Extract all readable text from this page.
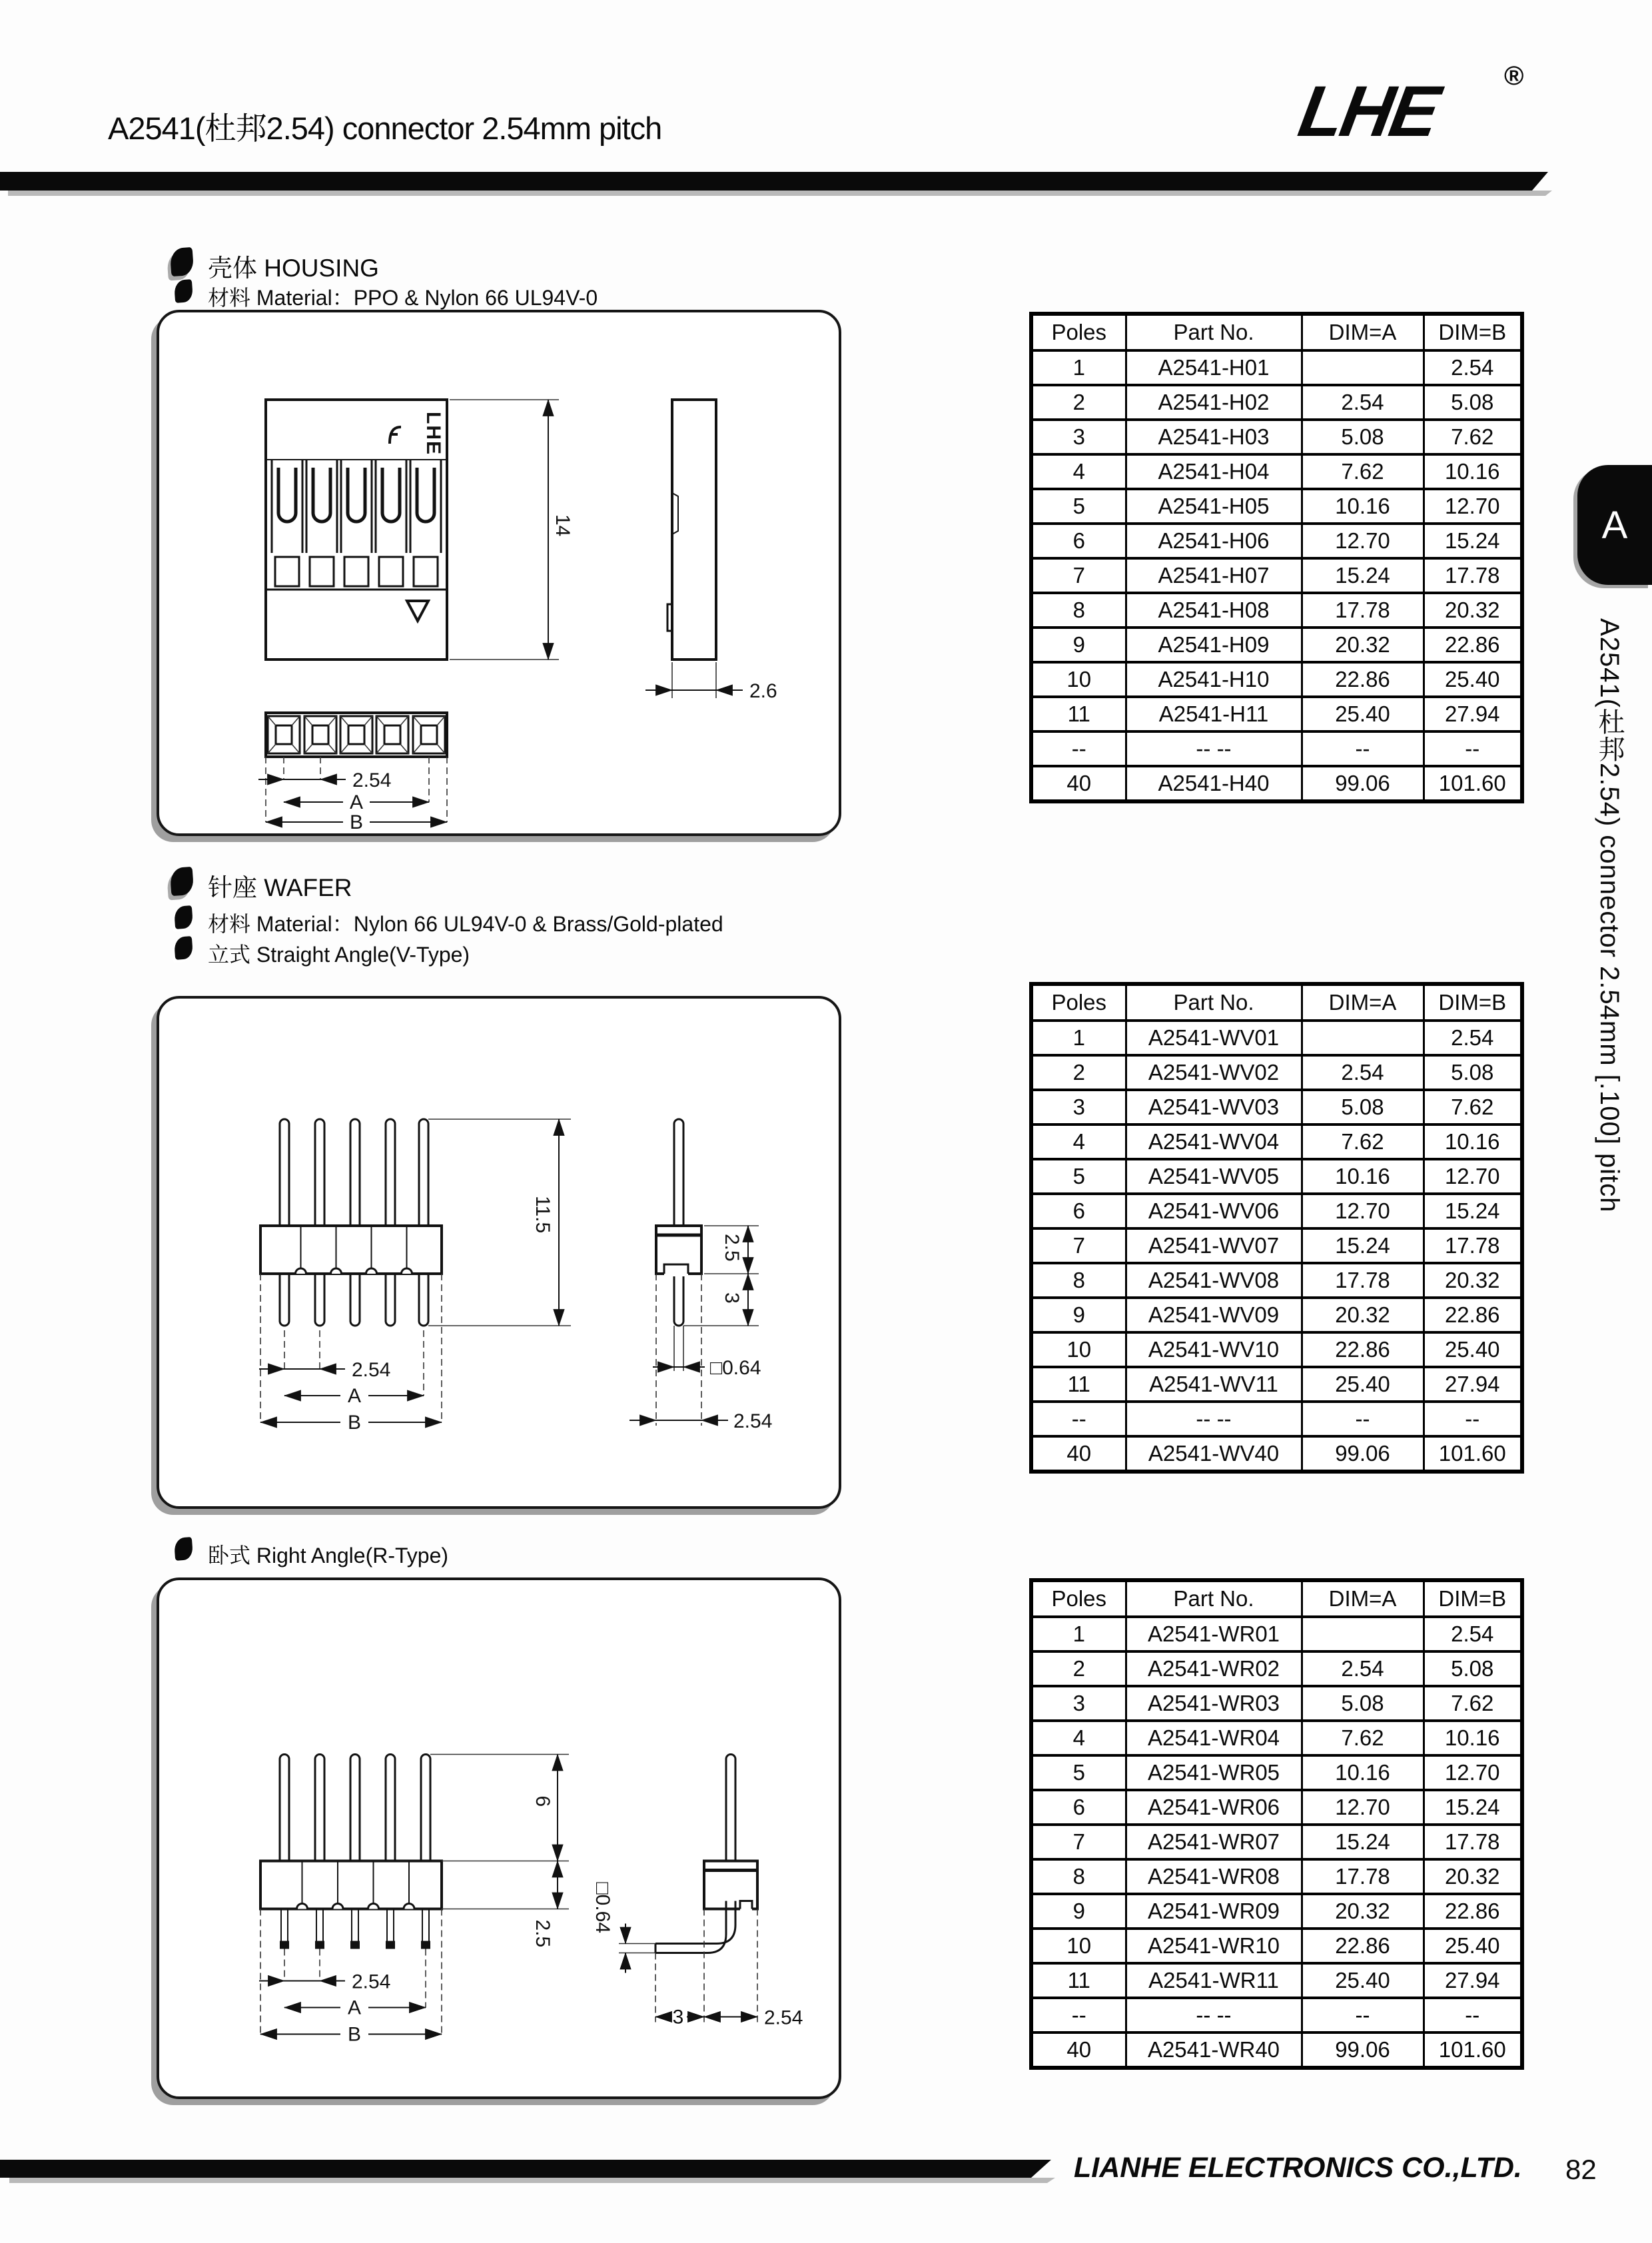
A2541(杜邦2.54) connector 2.54mm pitch	LHE ®
壳体 HOUSING
材料 Material：PPO & Nylon 66 UL94V-0
LHE
14
2.6
2.54
A
B
Poles	Part No.	DIM=A	DIM=B
1	A2541-H01		2.54
2	A2541-H02	2.54	5.08
3	A2541-H03	5.08	7.62
4	A2541-H04	7.62	10.16
5	A2541-H05	10.16	12.70
6	A2541-H06	12.70	15.24
7	A2541-H07	15.24	17.78
8	A2541-H08	17.78	20.32
9	A2541-H09	20.32	22.86
10	A2541-H10	22.86	25.40
11	A2541-H11	25.40	27.94
--	-- --	--	--
40	A2541-H40	99.06	101.60
针座 WAFER
材料 Material：Nylon 66 UL94V-0 & Brass/Gold-plated
立式 Straight Angle(V-Type)
11.5
2.54
A
B
2.5
3
□0.64
2.54
Poles	Part No.	DIM=A	DIM=B
1	A2541-WV01		2.54
2	A2541-WV02	2.54	5.08
3	A2541-WV03	5.08	7.62
4	A2541-WV04	7.62	10.16
5	A2541-WV05	10.16	12.70
6	A2541-WV06	12.70	15.24
7	A2541-WV07	15.24	17.78
8	A2541-WV08	17.78	20.32
9	A2541-WV09	20.32	22.86
10	A2541-WV10	22.86	25.40
11	A2541-WV11	25.40	27.94
--	-- --	--	--
40	A2541-WV40	99.06	101.60
卧式 Right Angle(R-Type)
6
2.5
2.54
A
B
□0.64
3	2.54
Poles	Part No.	DIM=A	DIM=B
1	A2541-WR01		2.54
2	A2541-WR02	2.54	5.08
3	A2541-WR03	5.08	7.62
4	A2541-WR04	7.62	10.16
5	A2541-WR05	10.16	12.70
6	A2541-WR06	12.70	15.24
7	A2541-WR07	15.24	17.78
8	A2541-WR08	17.78	20.32
9	A2541-WR09	20.32	22.86
10	A2541-WR10	22.86	25.40
11	A2541-WR11	25.40	27.94
--	-- --	--	--
40	A2541-WR40	99.06	101.60
A
A2541(杜邦2.54) connector 2.54mm [.100] pitch
LIANHE ELECTRONICS CO.,LTD. 82
